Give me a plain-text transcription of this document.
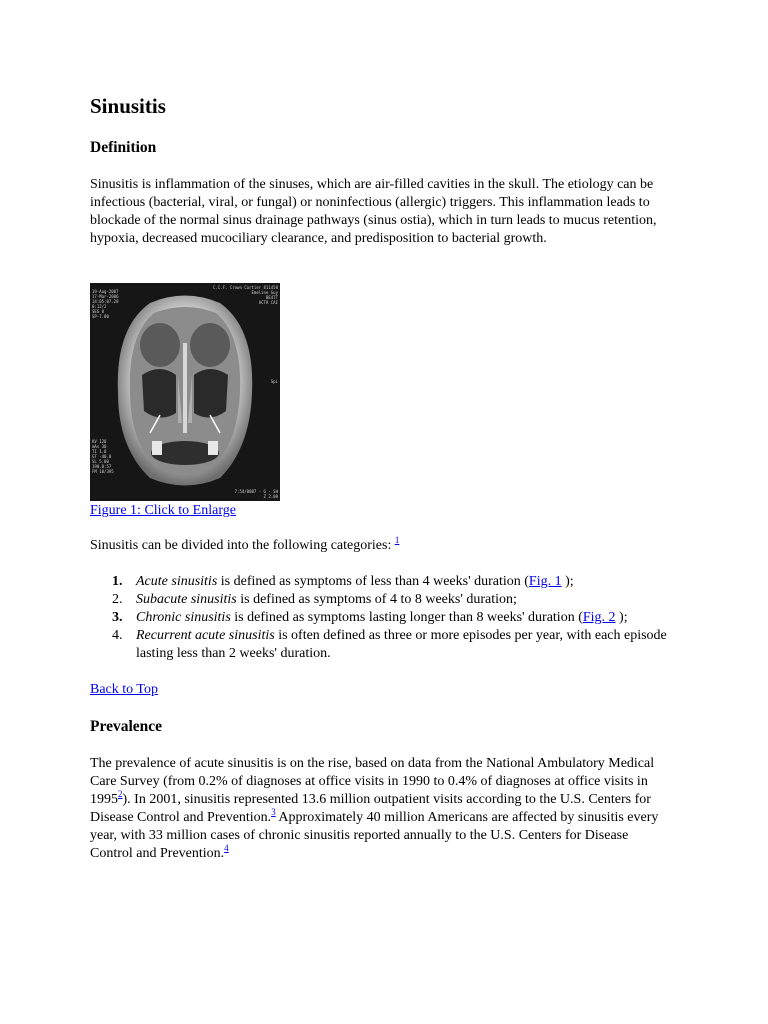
Sinusitis
Definition

Sinusitis is inflammation of the sinuses, which are air-filled cavities in the skull. The etiology can be infectious (bacterial, viral, or fungal) or noninfectious (allergic) triggers. This inflammation leads to blockade of the normal sinus drainage pathways (sinus ostia), which in turn leads to mucus retention, hypoxia, decreased mucociliary clearance, and predisposition to bacterial growth.

19-Aug-2007 17-Mar-2006 14:05:07.28 0:12/2 SEG 8 SP-7.00
C.C.F. Crown Cartier 811458 Emeline Guy BE4TT ACTR CAI
KV 120 mAs 30 TI 1.0 GT -40.0 SL 5.00 190.0:57 FM 10/395
7:54/8007 - G - SH Z 2.00
Spi
Figure 1: Click to Enlarge

Sinusitis can be divided into the following categories: $^1$

1. Acute sinusitis is defined as symptoms of less than 4 weeks' duration (Fig. 1 );
2. Subacute sinusitis is defined as symptoms of 4 to 8 weeks' duration;
3. Chronic sinusitis is defined as symptoms lasting longer than 8 weeks' duration (Fig. 2 );
4. Recurrent acute sinusitis is often defined as three or more episodes per year, with each episode lasting less than 2 weeks' duration.
Back to Top
Prevalence

The prevalence of acute sinusitis is on the rise, based on data from the National Ambulatory Medical Care Survey (from 0.2% of diagnoses at office visits in 1990 to 0.4% of diagnoses at office visits in 1995$^2$). In 2001, sinusitis represented 13.6 million outpatient visits according to the U.S. Centers for Disease Control and Prevention.$^3$ Approximately 40 million Americans are affected by sinusitis every year, with 33 million cases of chronic sinusitis reported annually to the U.S. Centers for Disease Control and Prevention.$^4$
